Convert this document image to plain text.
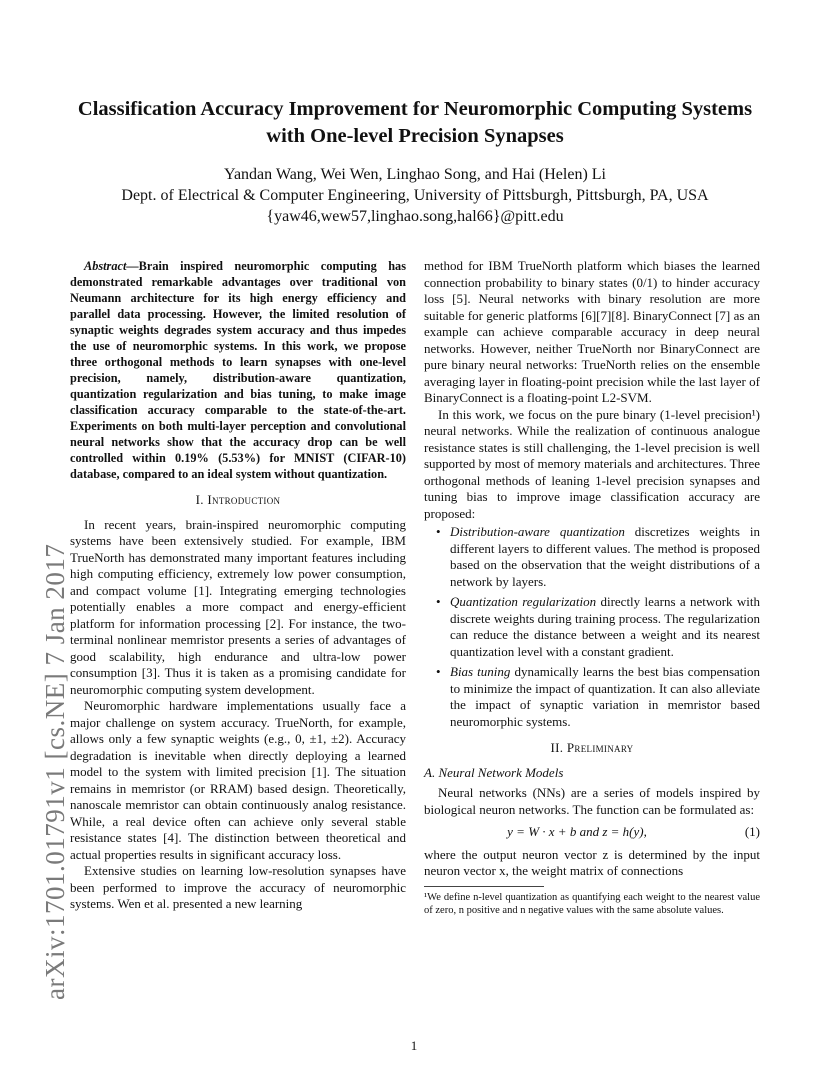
arXiv:1701.01791v1 [cs.NE] 7 Jan 2017
Classification Accuracy Improvement for Neuromorphic Computing Systems with One-level Precision Synapses
Yandan Wang, Wei Wen, Linghao Song, and Hai (Helen) Li
Dept. of Electrical & Computer Engineering, University of Pittsburgh, Pittsburgh, PA, USA
{yaw46,wew57,linghao.song,hal66}@pitt.edu

Abstract—Brain inspired neuromorphic computing has demonstrated remarkable advantages over traditional von Neumann architecture for its high energy efficiency and parallel data processing. However, the limited resolution of synaptic weights degrades system accuracy and thus impedes the use of neuromorphic systems. In this work, we propose three orthogonal methods to learn synapses with one-level precision, namely, distribution-aware quantization, quantization regularization and bias tuning, to make image classification accuracy comparable to the state-of-the-art. Experiments on both multi-layer perception and convolutional neural networks show that the accuracy drop can be well controlled within 0.19% (5.53%) for MNIST (CIFAR-10) database, compared to an ideal system without quantization.

I. Introduction

In recent years, brain-inspired neuromorphic computing systems have been extensively studied. For example, IBM TrueNorth has demonstrated many important features including high computing efficiency, extremely low power consumption, and compact volume [1]. Integrating emerging technologies potentially enables a more compact and energy-efficient platform for information processing [2]. For instance, the two-terminal nonlinear memristor presents a series of advantages of good scalability, high endurance and ultra-low power consumption [3]. Thus it is taken as a promising candidate for neuromorphic computing system development.

Neuromorphic hardware implementations usually face a major challenge on system accuracy. TrueNorth, for example, allows only a few synaptic weights (e.g., 0, ±1, ±2). Accuracy degradation is inevitable when directly deploying a learned model to the system with limited precision [1]. The situation remains in memristor (or RRAM) based design. Theoretically, nanoscale memristor can obtain continuously analog resistance. While, a real device often can achieve only several stable resistance states [4]. The distinction between theoretical and actual properties results in significant accuracy loss.

Extensive studies on learning low-resolution synapses have been performed to improve the accuracy of neuromorphic systems. Wen et al. presented a new learning

method for IBM TrueNorth platform which biases the learned connection probability to binary states (0/1) to hinder accuracy loss [5]. Neural networks with binary resolution are more suitable for generic platforms [6][7][8]. BinaryConnect [7] as an example can achieve comparable accuracy in deep neural networks. However, neither TrueNorth nor BinaryConnect are pure binary neural networks: TrueNorth relies on the ensemble averaging layer in floating-point precision while the last layer of BinaryConnect is a floating-point L2-SVM.

In this work, we focus on the pure binary (1-level precision¹) neural networks. While the realization of continuous analogue resistance states is still challenging, the 1-level precision is well supported by most of memory materials and architectures. Three orthogonal methods of leaning 1-level precision synapses and tuning bias to improve image classification accuracy are proposed:

• Distribution-aware quantization discretizes weights in different layers to different values. The method is proposed based on the observation that the weight distributions of a network by layers.
• Quantization regularization directly learns a network with discrete weights during training process. The regularization can reduce the distance between a weight and its nearest quantization level with a constant gradient.
• Bias tuning dynamically learns the best bias compensation to minimize the impact of quantization. It can also alleviate the impact of synaptic variation in memristor based neuromorphic systems.
II. Preliminary
A. Neural Network Models

Neural networks (NNs) are a series of models inspired by biological neuron networks. The function can be formulated as:

y = W · x + b and z = h(y),	(1)

where the output neuron vector z is determined by the input neuron vector x, the weight matrix of connections

¹We define n-level quantization as quantifying each weight to the nearest value of zero, n positive and n negative values with the same absolute values.
1
